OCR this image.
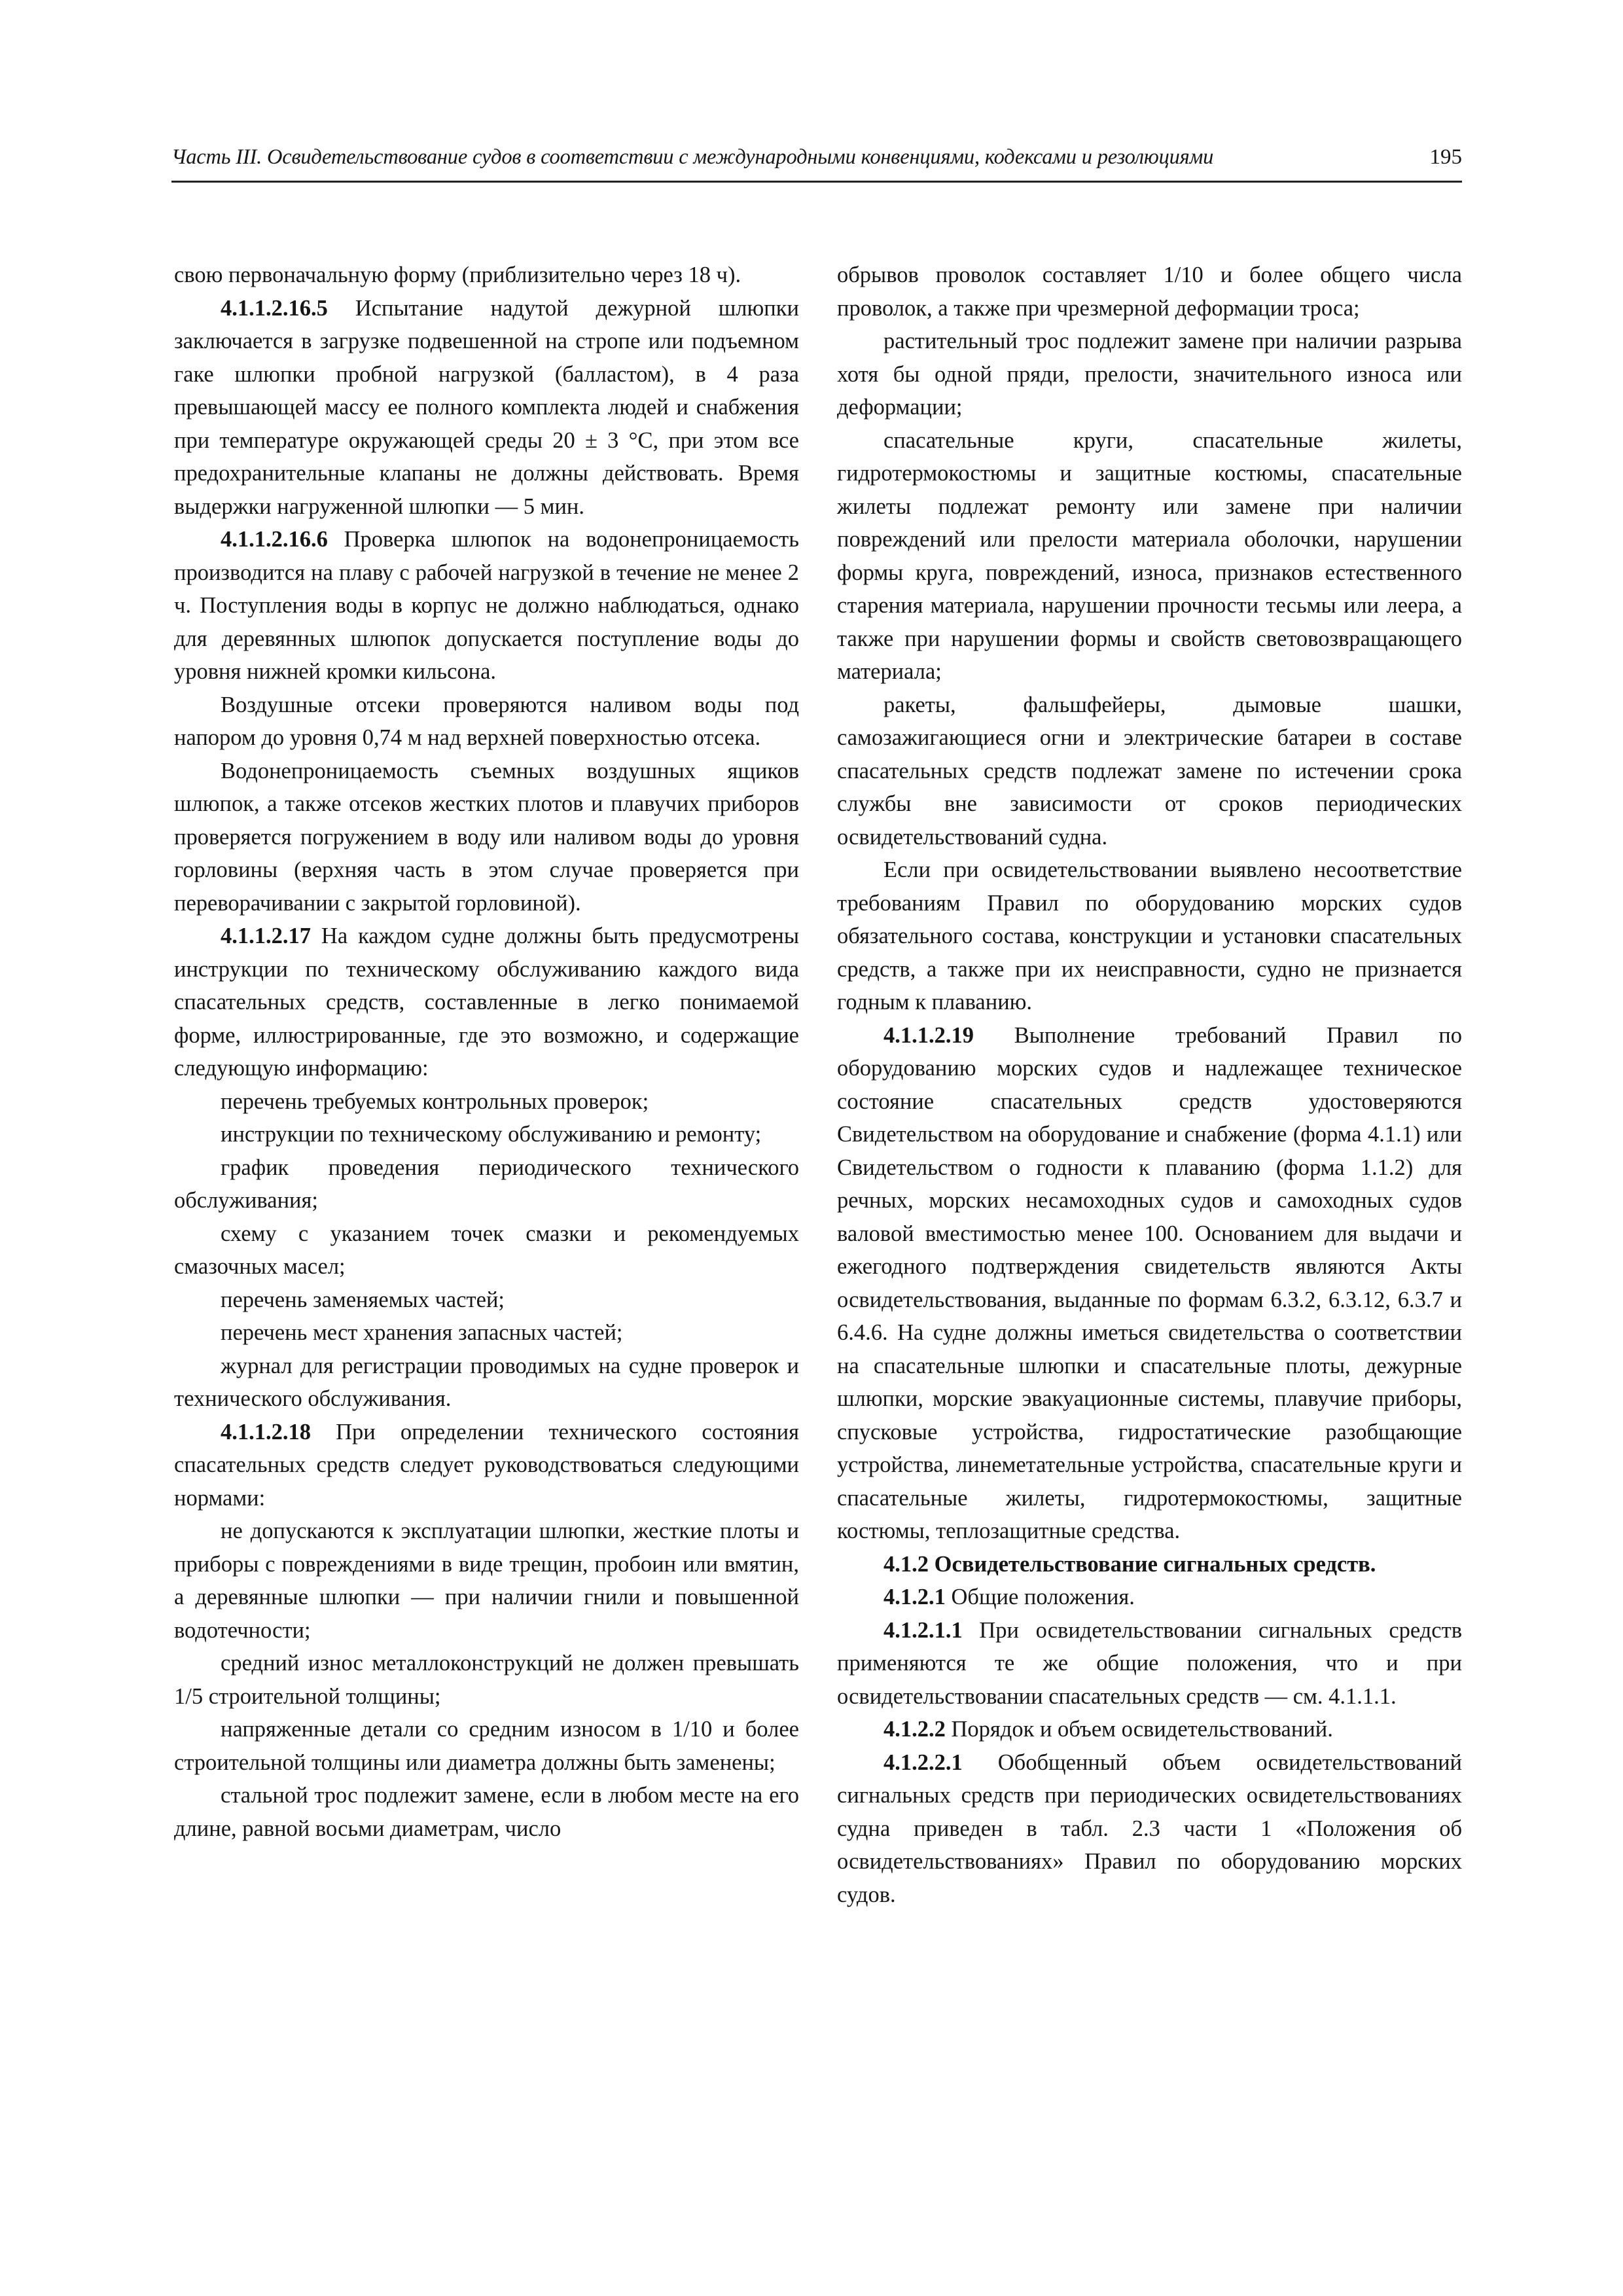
Часть III. Освидетельствование судов в соответствии с международными конвенциями, кодексами и резолюциями	195

свою первоначальную форму (приблизительно через 18 ч).

4.1.1.2.16.5 Испытание надутой дежурной шлюпки заключается в загрузке подвешенной на стропе или подъемном гаке шлюпки пробной нагрузкой (балластом), в 4 раза превышающей массу ее полного комплекта людей и снабжения при температуре окружающей среды 20 ± 3 °С, при этом все предохранительные клапаны не должны действовать. Время выдержки нагруженной шлюпки — 5 мин.

4.1.1.2.16.6 Проверка шлюпок на водонепроницаемость производится на плаву с рабочей нагрузкой в течение не менее 2 ч. Поступления воды в корпус не должно наблюдаться, однако для деревянных шлюпок допускается поступление воды до уровня нижней кромки кильсона.

Воздушные отсеки проверяются наливом воды под напором до уровня 0,74 м над верхней поверхностью отсека.

Водонепроницаемость съемных воздушных ящиков шлюпок, а также отсеков жестких плотов и плавучих приборов проверяется погружением в воду или наливом воды до уровня горловины (верхняя часть в этом случае проверяется при переворачивании с закрытой горловиной).

4.1.1.2.17 На каждом судне должны быть предусмотрены инструкции по техническому обслуживанию каждого вида спасательных средств, составленные в легко понимаемой форме, иллюстрированные, где это возможно, и содержащие следующую информацию:

перечень требуемых контрольных проверок;

инструкции по техническому обслуживанию и ремонту;

график проведения периодического технического обслуживания;

схему с указанием точек смазки и рекомендуемых смазочных масел;

перечень заменяемых частей;

перечень мест хранения запасных частей;

журнал для регистрации проводимых на судне проверок и технического обслуживания.

4.1.1.2.18 При определении технического состояния спасательных средств следует руководствоваться следующими нормами:

не допускаются к эксплуатации шлюпки, жесткие плоты и приборы с повреждениями в виде трещин, пробоин или вмятин, а деревянные шлюпки — при наличии гнили и повышенной водотечности;

средний износ металлоконструкций не должен превышать 1/5 строительной толщины;

напряженные детали со средним износом в 1/10 и более строительной толщины или диаметра должны быть заменены;

стальной трос подлежит замене, если в любом месте на его длине, равной восьми диаметрам, число

обрывов проволок составляет 1/10 и более общего числа проволок, а также при чрезмерной деформации троса;

растительный трос подлежит замене при наличии разрыва хотя бы одной пряди, прелости, значительного износа или деформации;

спасательные круги, спасательные жилеты, гидротермокостюмы и защитные костюмы, спасательные жилеты подлежат ремонту или замене при наличии повреждений или прелости материала оболочки, нарушении формы круга, повреждений, износа, признаков естественного старения материала, нарушении прочности тесьмы или леера, а также при нарушении формы и свойств световозвращающего материала;

ракеты, фальшфейеры, дымовые шашки, самозажигающиеся огни и электрические батареи в составе спасательных средств подлежат замене по истечении срока службы вне зависимости от сроков периодических освидетельствований судна.

Если при освидетельствовании выявлено несоответствие требованиям Правил по оборудованию морских судов обязательного состава, конструкции и установки спасательных средств, а также при их неисправности, судно не признается годным к плаванию.

4.1.1.2.19 Выполнение требований Правил по оборудованию морских судов и надлежащее техническое состояние спасательных средств удостоверяются Свидетельством на оборудование и снабжение (форма 4.1.1) или Свидетельством о годности к плаванию (форма 1.1.2) для речных, морских несамоходных судов и самоходных судов валовой вместимостью менее 100. Основанием для выдачи и ежегодного подтверждения свидетельств являются Акты освидетельствования, выданные по формам 6.3.2, 6.3.12, 6.3.7 и 6.4.6. На судне должны иметься свидетельства о соответствии на спасательные шлюпки и спасательные плоты, дежурные шлюпки, морские эвакуационные системы, плавучие приборы, спусковые устройства, гидростатические разобщающие устройства, линеметательные устройства, спасательные круги и спасательные жилеты, гидротермокостюмы, защитные костюмы, теплозащитные средства.

4.1.2 Освидетельствование сигнальных средств.

4.1.2.1 Общие положения.

4.1.2.1.1 При освидетельствовании сигнальных средств применяются те же общие положения, что и при освидетельствовании спасательных средств — см. 4.1.1.1.

4.1.2.2 Порядок и объем освидетельствований.

4.1.2.2.1 Обобщенный объем освидетельствований сигнальных средств при периодических освидетельствованиях судна приведен в табл. 2.3 части 1 «Положения об освидетельствованиях» Правил по оборудованию морских судов.
